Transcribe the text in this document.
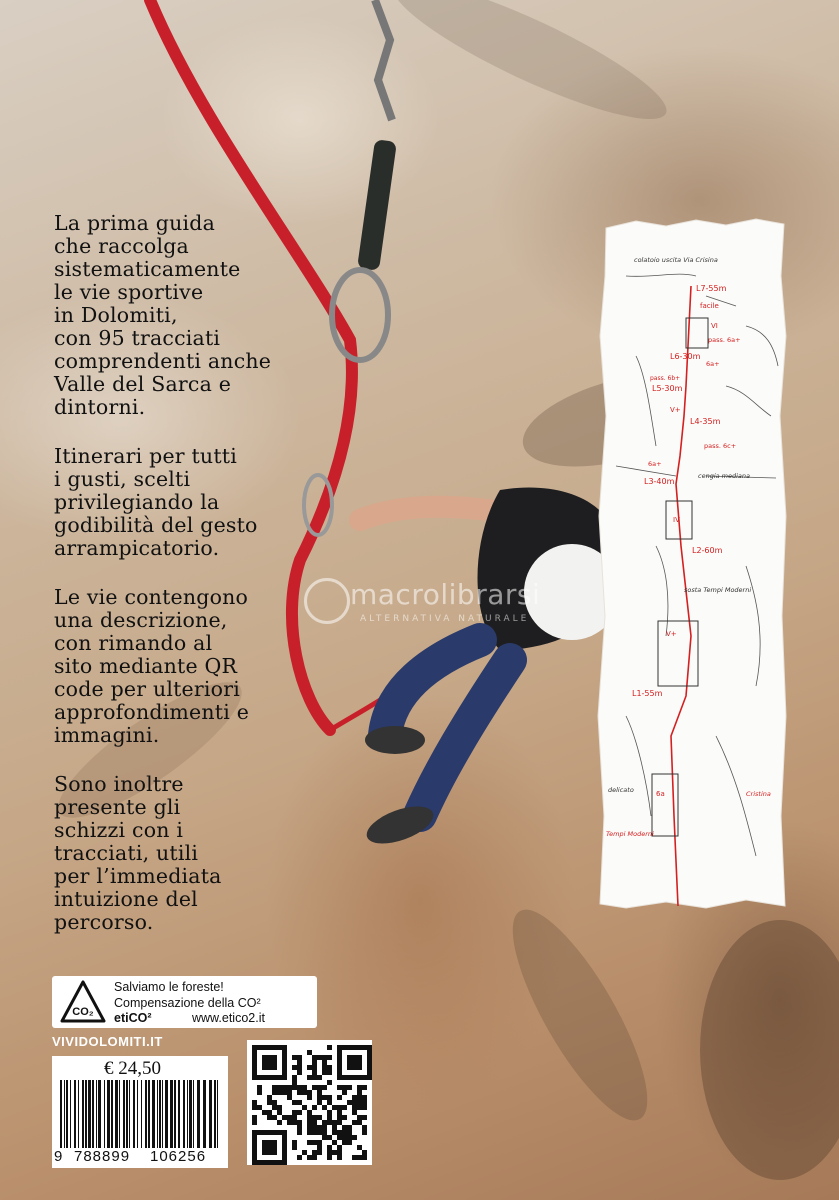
La prima guida
che raccolga
sistematicamente
le vie sportive
in Dolomiti,
con 95 tracciati
comprendenti anche
Valle del Sarca e
dintorni.

Itinerari per tutti
i gusti, scelti
privilegiando la
godibilità del gesto
arrampicatorio.

Le vie contengono
una descrizione,
con rimando al
sito mediante QR
code per ulteriori
approfondimenti e
immagini.

Sono inoltre
presente gli
schizzi con i
tracciati, utili
per l’immediata
intuizione del
percorso.

colatoio uscita Via Crisina
L7-55m
facile
VI
pass. 6a+
L6-30m
6a+
pass. 6b+
L5-30m
V+
L4-35m
pass. 6c+
6a+
cengia mediana
L3-40m
IV
L2-60m
sosta Tempi Moderni
V+
L1-55m
delicato	6a	Cristina
Tempi Moderni
macrolibrarsi
ALTERNATIVA NATURALE
CO₂
Salviamo le foreste!
Compensazione della CO²
etiCO²	www.etico2.it
VIVIDOLOMITI.IT
€ 24,50
9 788899 106256
